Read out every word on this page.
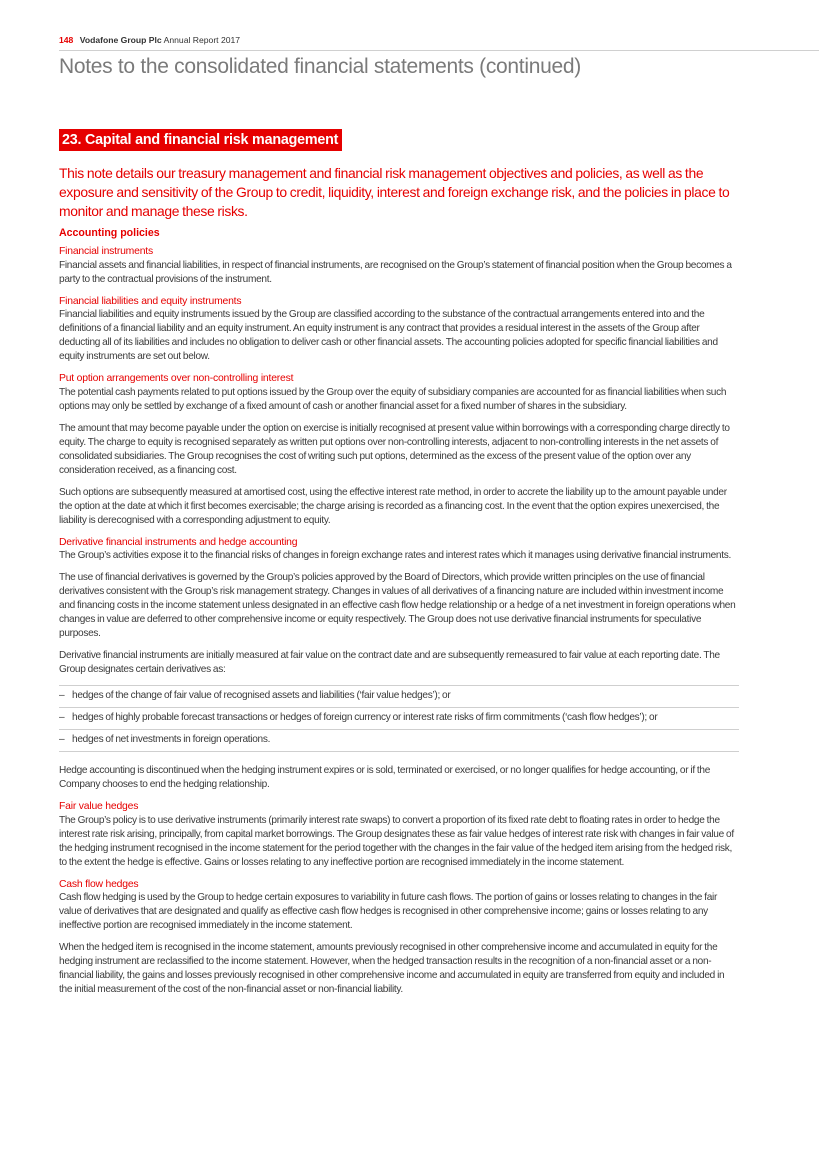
148 Vodafone Group Plc Annual Report 2017
Notes to the consolidated financial statements (continued)
23. Capital and financial risk management

This note details our treasury management and financial risk management objectives and policies, as well as the exposure and sensitivity of the Group to credit, liquidity, interest and foreign exchange risk, and the policies in place to monitor and manage these risks.

Accounting policies
Financial instruments

Financial assets and financial liabilities, in respect of financial instruments, are recognised on the Group’s statement of financial position when the Group becomes a party to the contractual provisions of the instrument.

Financial liabilities and equity instruments

Financial liabilities and equity instruments issued by the Group are classified according to the substance of the contractual arrangements entered into and the definitions of a financial liability and an equity instrument. An equity instrument is any contract that provides a residual interest in the assets of the Group after deducting all of its liabilities and includes no obligation to deliver cash or other financial assets. The accounting policies adopted for specific financial liabilities and equity instruments are set out below.

Put option arrangements over non-controlling interest

The potential cash payments related to put options issued by the Group over the equity of subsidiary companies are accounted for as financial liabilities when such options may only be settled by exchange of a fixed amount of cash or another financial asset for a fixed number of shares in the subsidiary.

The amount that may become payable under the option on exercise is initially recognised at present value within borrowings with a corresponding charge directly to equity. The charge to equity is recognised separately as written put options over non-controlling interests, adjacent to non-controlling interests in the net assets of consolidated subsidiaries. The Group recognises the cost of writing such put options, determined as the excess of the present value of the option over any consideration received, as a financing cost.

Such options are subsequently measured at amortised cost, using the effective interest rate method, in order to accrete the liability up to the amount payable under the option at the date at which it first becomes exercisable; the charge arising is recorded as a financing cost. In the event that the option expires unexercised, the liability is derecognised with a corresponding adjustment to equity.

Derivative financial instruments and hedge accounting

The Group’s activities expose it to the financial risks of changes in foreign exchange rates and interest rates which it manages using derivative financial instruments.

The use of financial derivatives is governed by the Group’s policies approved by the Board of Directors, which provide written principles on the use of financial derivatives consistent with the Group’s risk management strategy. Changes in values of all derivatives of a financing nature are included within investment income and financing costs in the income statement unless designated in an effective cash flow hedge relationship or a hedge of a net investment in foreign operations when changes in value are deferred to other comprehensive income or equity respectively. The Group does not use derivative financial instruments for speculative purposes.

Derivative financial instruments are initially measured at fair value on the contract date and are subsequently remeasured to fair value at each reporting date. The Group designates certain derivatives as:

– hedges of the change of fair value of recognised assets and liabilities (‘fair value hedges’); or
– hedges of highly probable forecast transactions or hedges of foreign currency or interest rate risks of firm commitments (‘cash flow hedges’); or
– hedges of net investments in foreign operations.

Hedge accounting is discontinued when the hedging instrument expires or is sold, terminated or exercised, or no longer qualifies for hedge accounting, or if the Company chooses to end the hedging relationship.

Fair value hedges

The Group’s policy is to use derivative instruments (primarily interest rate swaps) to convert a proportion of its fixed rate debt to floating rates in order to hedge the interest rate risk arising, principally, from capital market borrowings. The Group designates these as fair value hedges of interest rate risk with changes in fair value of the hedging instrument recognised in the income statement for the period together with the changes in the fair value of the hedged item arising from the hedged risk, to the extent the hedge is effective. Gains or losses relating to any ineffective portion are recognised immediately in the income statement.

Cash flow hedges

Cash flow hedging is used by the Group to hedge certain exposures to variability in future cash flows. The portion of gains or losses relating to changes in the fair value of derivatives that are designated and qualify as effective cash flow hedges is recognised in other comprehensive income; gains or losses relating to any ineffective portion are recognised immediately in the income statement.

When the hedged item is recognised in the income statement, amounts previously recognised in other comprehensive income and accumulated in equity for the hedging instrument are reclassified to the income statement. However, when the hedged transaction results in the recognition of a non-financial asset or a non-financial liability, the gains and losses previously recognised in other comprehensive income and accumulated in equity are transferred from equity and included in the initial measurement of the cost of the non-financial asset or non-financial liability.
